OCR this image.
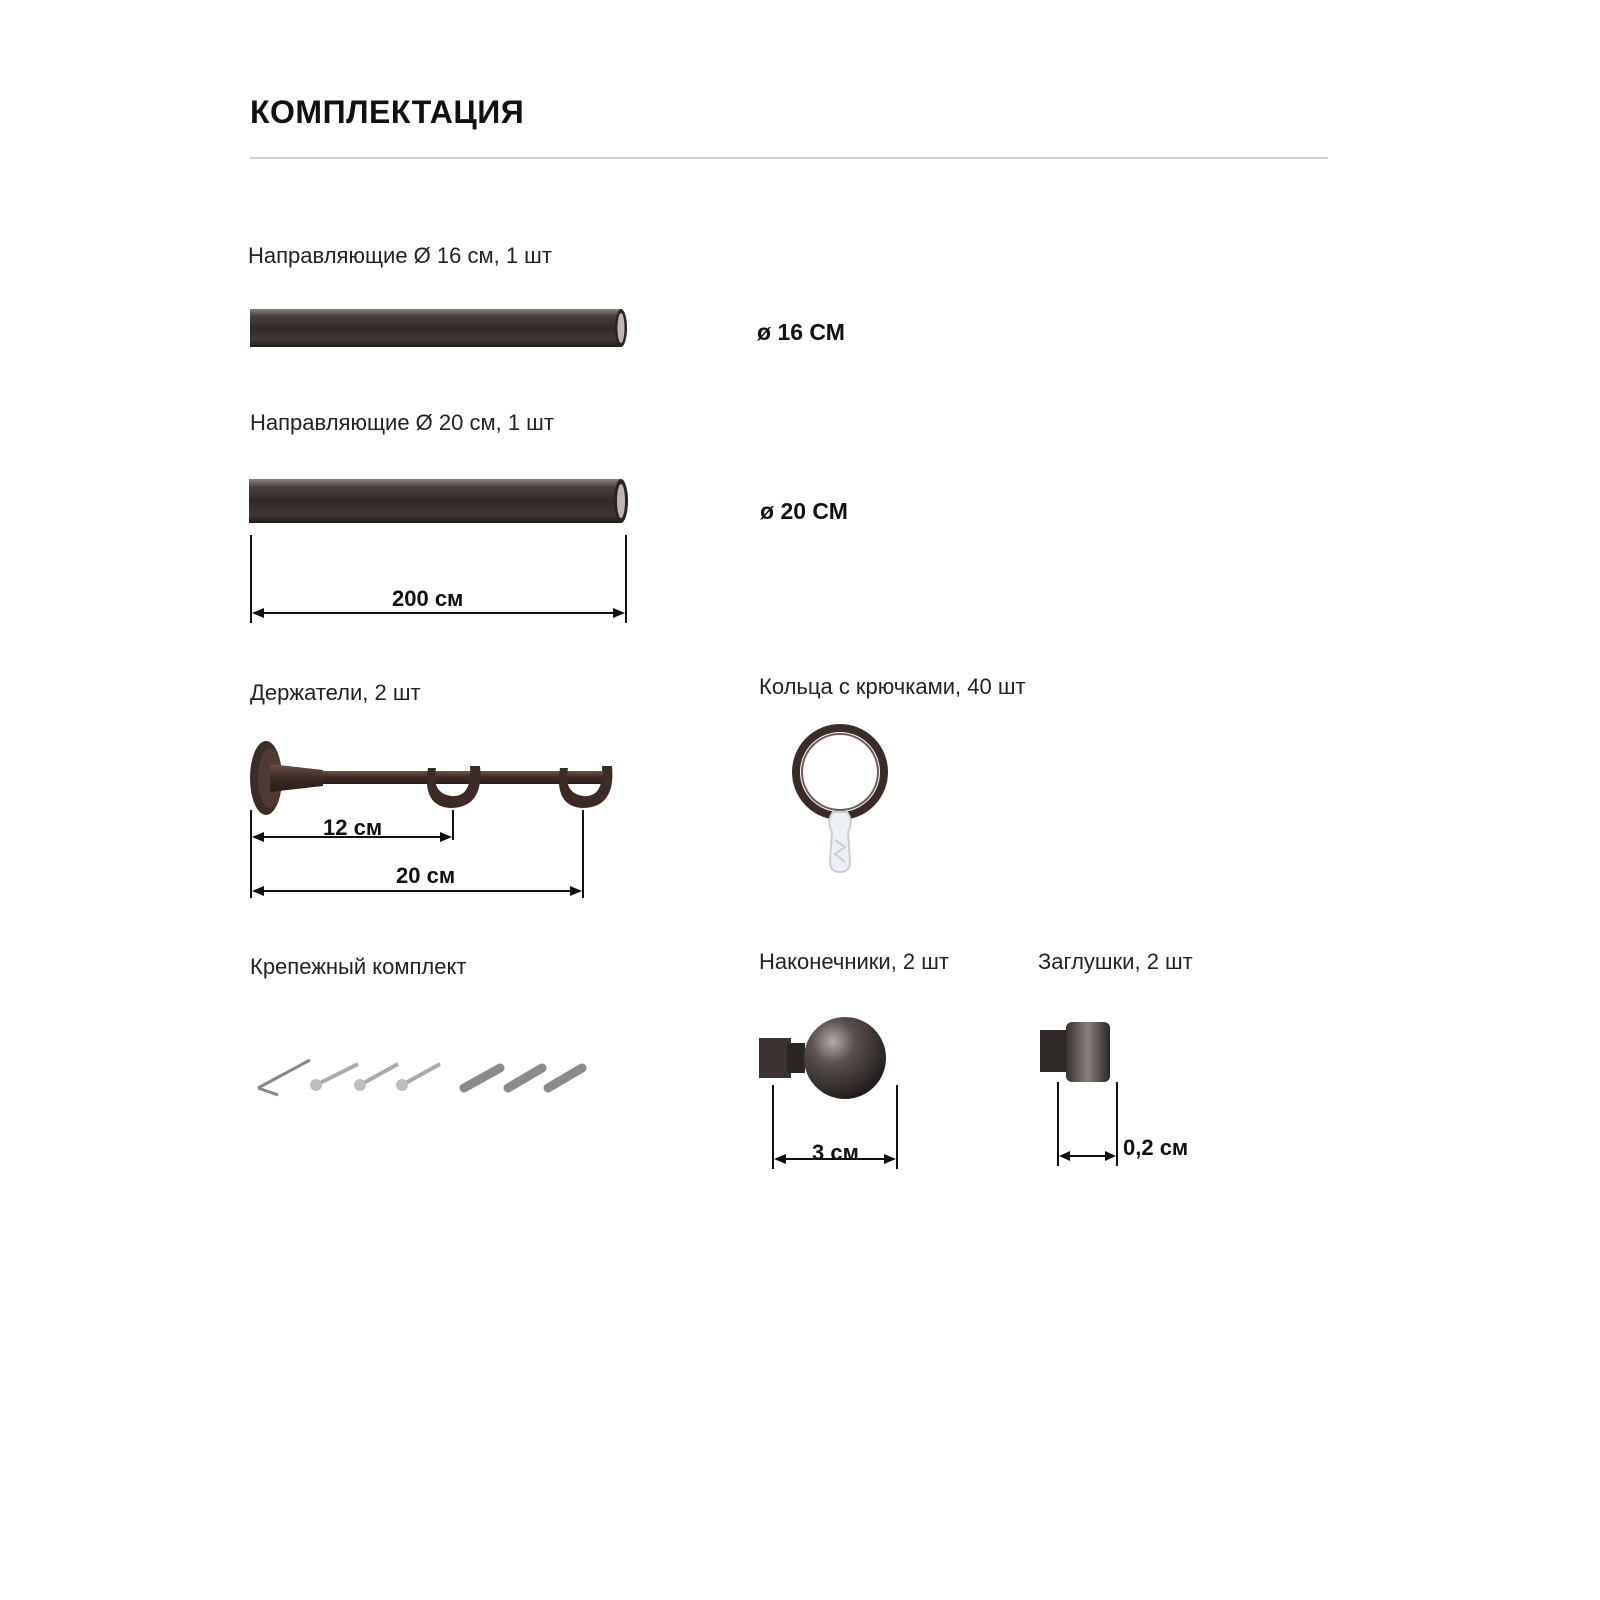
КОМПЛЕКТАЦИЯ
Направляющие Ø 16 см, 1 шт
ø 16 СМ
Направляющие Ø 20 см, 1 шт
ø 20 СМ
200 см
Держатели, 2 шт
12 см
20 см
Кольца с крючками, 40 шт
Крепежный комплект	Наконечники, 2 шт
3 см
Заглушки, 2 шт
0,2 см
